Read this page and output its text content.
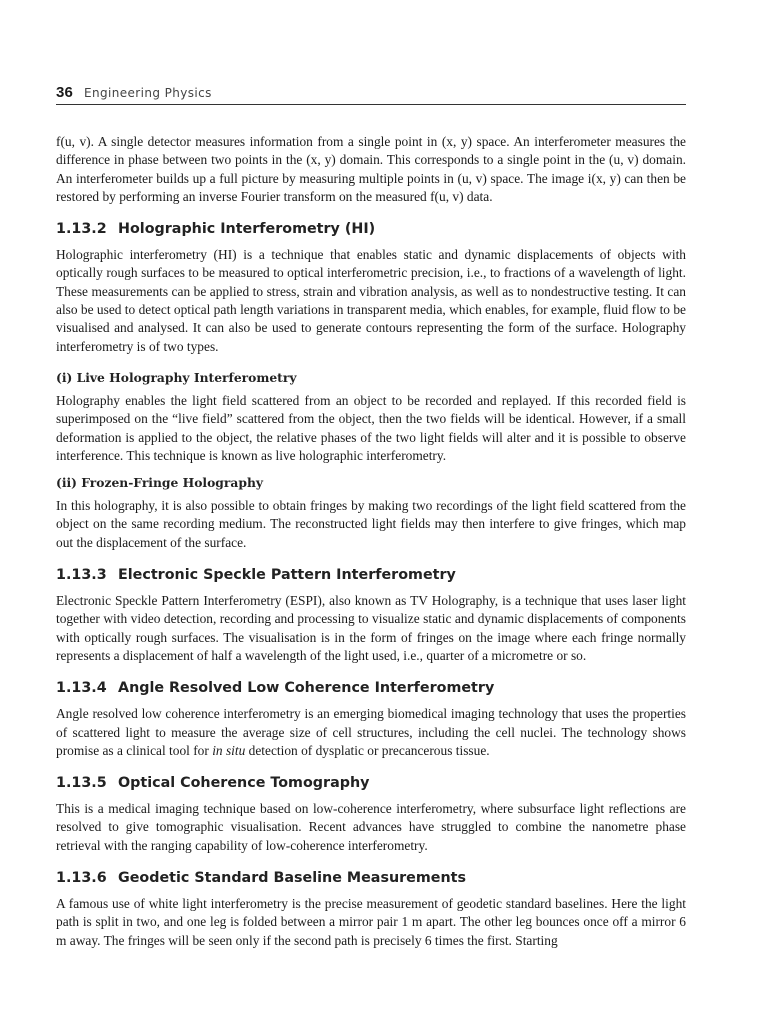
36 Engineering Physics

f(u, v). A single detector measures information from a single point in (x, y) space. An interferometer measures the difference in phase between two points in the (x, y) domain. This corresponds to a single point in the (u, v) domain. An interferometer builds up a full picture by measuring multiple points in (u, v) space. The image i(x, y) can then be restored by performing an inverse Fourier transform on the measured f(u, v) data.

1.13.2 Holographic Interferometry (HI)

Holographic interferometry (HI) is a technique that enables static and dynamic displacements of objects with optically rough surfaces to be measured to optical interferometric precision, i.e., to fractions of a wavelength of light. These measurements can be applied to stress, strain and vibration analysis, as well as to nondestructive testing. It can also be used to detect optical path length variations in transparent media, which enables, for example, fluid flow to be visualised and analysed. It can also be used to generate contours representing the form of the surface. Holography interferometry is of two types.

(i) Live Holography Interferometry

Holography enables the light field scattered from an object to be recorded and replayed. If this recorded field is superimposed on the “live field” scattered from the object, then the two fields will be identical. However, if a small deformation is applied to the object, the relative phases of the two light fields will alter and it is possible to observe interference. This technique is known as live holographic interferometry.

(ii) Frozen-Fringe Holography

In this holography, it is also possible to obtain fringes by making two recordings of the light field scattered from the object on the same recording medium. The reconstructed light fields may then interfere to give fringes, which map out the displacement of the surface.

1.13.3 Electronic Speckle Pattern Interferometry

Electronic Speckle Pattern Interferometry (ESPI), also known as TV Holography, is a technique that uses laser light together with video detection, recording and processing to visualize static and dynamic displacements of components with optically rough surfaces. The visualisation is in the form of fringes on the image where each fringe normally represents a displacement of half a wavelength of the light used, i.e., quarter of a micrometre or so.

1.13.4 Angle Resolved Low Coherence Interferometry

Angle resolved low coherence interferometry is an emerging biomedical imaging technology that uses the properties of scattered light to measure the average size of cell structures, including the cell nuclei. The technology shows promise as a clinical tool for in situ detection of dysplatic or precancerous tissue.

1.13.5 Optical Coherence Tomography

This is a medical imaging technique based on low-coherence interferometry, where subsurface light reflections are resolved to give tomographic visualisation. Recent advances have struggled to combine the nanometre phase retrieval with the ranging capability of low-coherence interferometry.

1.13.6 Geodetic Standard Baseline Measurements

A famous use of white light interferometry is the precise measurement of geodetic standard baselines. Here the light path is split in two, and one leg is folded between a mirror pair 1 m apart. The other leg bounces once off a mirror 6 m away. The fringes will be seen only if the second path is precisely 6 times the first. Starting
